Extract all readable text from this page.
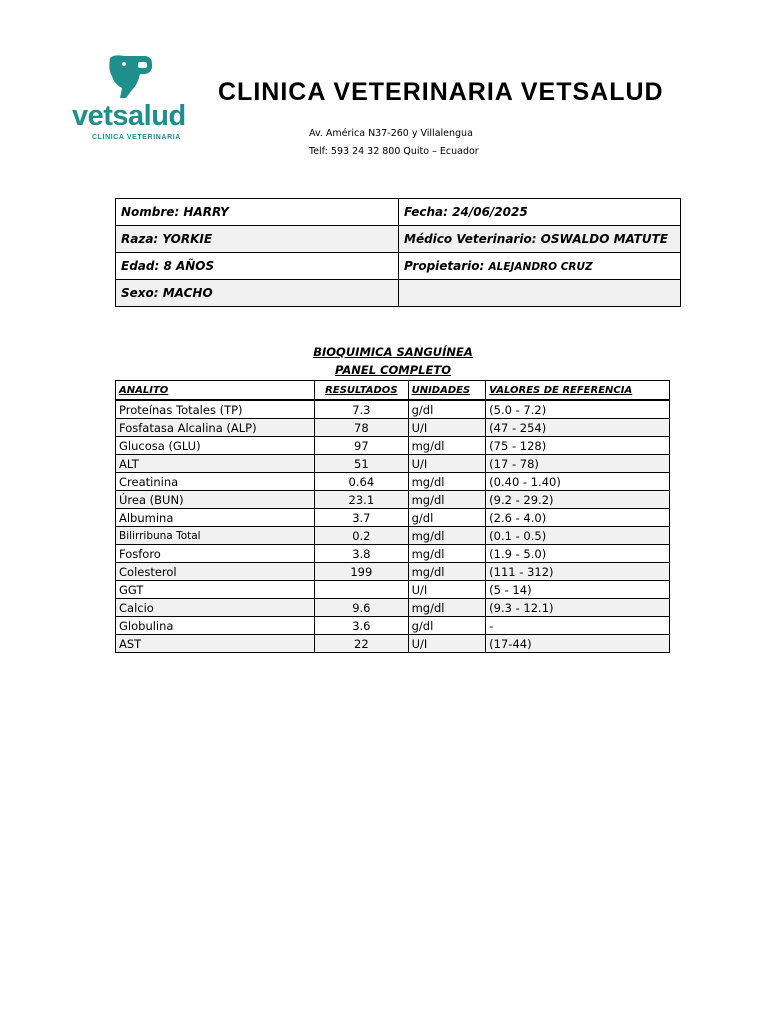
vetsalud
CLÍNICA VETERINARIA
CLINICA VETERINARIA VETSALUD
Av. América N37-260 y Villalengua
Telf: 593 24 32 800 Quito – Ecuador
Nombre: HARRY	Fecha: 24/06/2025
Raza: YORKIE	Médico Veterinario: OSWALDO MATUTE
Edad: 8 AÑOS	Propietario: ALEJANDRO CRUZ
Sexo: MACHO	
BIOQUIMICA SANGUÍNEA
PANEL COMPLETO
ANALITO	RESULTADOS	UNIDADES	VALORES DE REFERENCIA
Proteínas Totales (TP)	7.3	g/dl	(5.0 - 7.2)
Fosfatasa Alcalina (ALP)	78	U/I	(47 - 254)
Glucosa (GLU)	97	mg/dl	(75 - 128)
ALT	51	U/I	(17 - 78)
Creatinina	0.64	mg/dl	(0.40 - 1.40)
Úrea (BUN)	23.1	mg/dl	(9.2 - 29.2)
Albumina	3.7	g/dl	(2.6 - 4.0)
Bilirribuna Total	0.2	mg/dl	(0.1 - 0.5)
Fosforo	3.8	mg/dl	(1.9 - 5.0)
Colesterol	199	mg/dl	(111 - 312)
GGT		U/I	(5 - 14)
Calcio	9.6	mg/dl	(9.3 - 12.1)
Globulina	3.6	g/dl	-
AST	22	U/I	(17-44)
